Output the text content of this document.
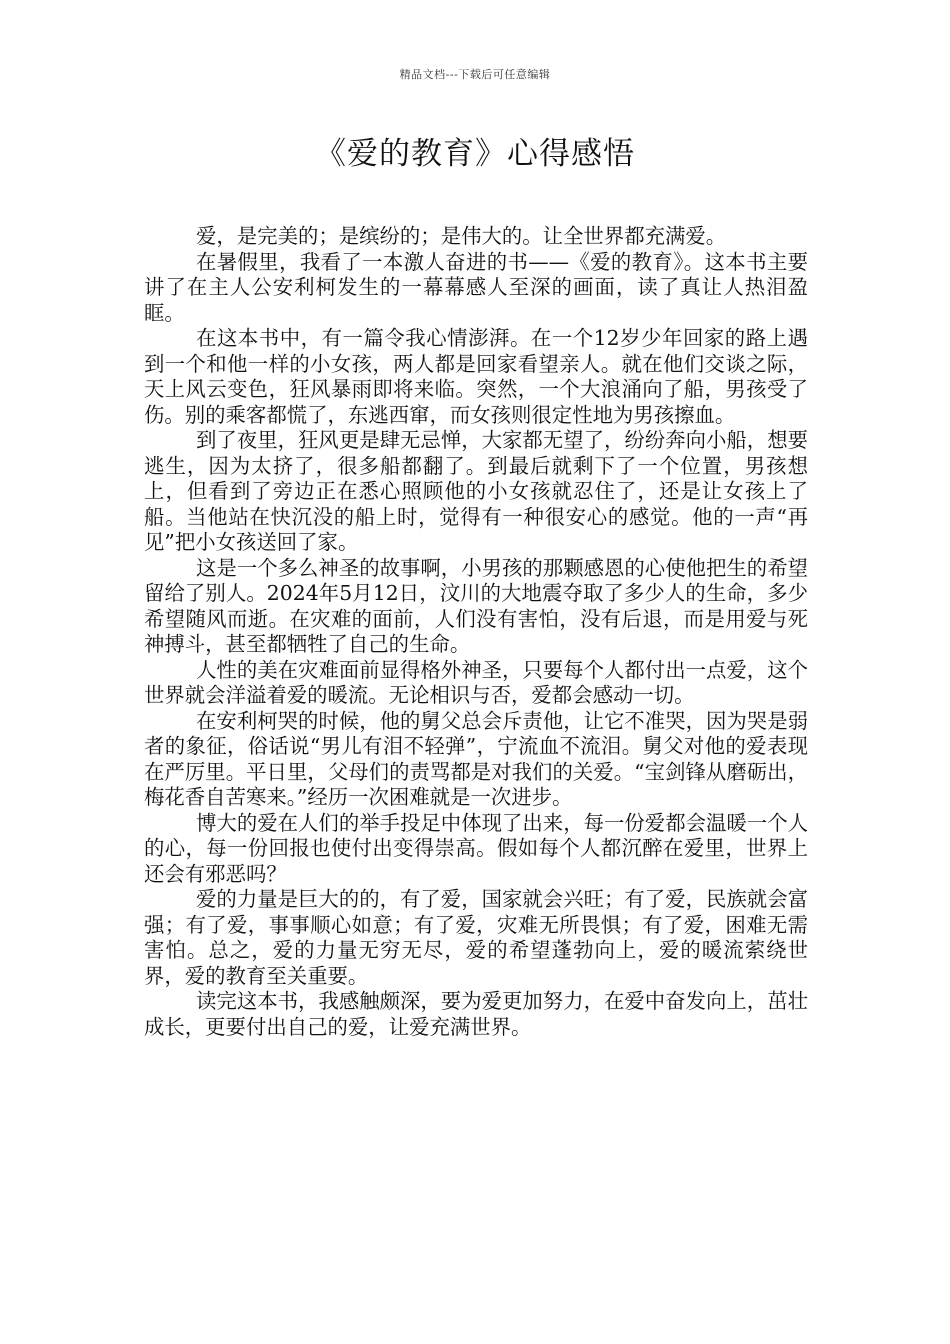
精品文档---下载后可任意编辑
《爱的教育》心得感悟

爱，是完美的；是缤纷的；是伟大的。让全世界都充满爱。

在暑假里，我看了一本激人奋进的书——《爱的教育》。这本书主要讲了在主人公安利柯发生的一幕幕感人至深的画面，读了真让人热泪盈眶。

在这本书中，有一篇令我心情澎湃。在一个12岁少年回家的路上遇到一个和他一样的小女孩，两人都是回家看望亲人。就在他们交谈之际，天上风云变色，狂风暴雨即将来临。突然，一个大浪涌向了船，男孩受了伤。别的乘客都慌了，东逃西窜，而女孩则很定性地为男孩擦血。

到了夜里，狂风更是肆无忌惮，大家都无望了，纷纷奔向小船，想要逃生，因为太挤了，很多船都翻了。到最后就剩下了一个位置，男孩想上，但看到了旁边正在悉心照顾他的小女孩就忍住了，还是让女孩上了船。当他站在快沉没的船上时，觉得有一种很安心的感觉。他的一声“再见”把小女孩送回了家。

这是一个多么神圣的故事啊，小男孩的那颗感恩的心使他把生的希望留给了别人。2024年5月12日，汶川的大地震夺取了多少人的生命，多少希望随风而逝。在灾难的面前，人们没有害怕，没有后退，而是用爱与死神搏斗，甚至都牺牲了自己的生命。

人性的美在灾难面前显得格外神圣，只要每个人都付出一点爱，这个世界就会洋溢着爱的暖流。无论相识与否，爱都会感动一切。

在安利柯哭的时候，他的舅父总会斥责他，让它不准哭，因为哭是弱者的象征，俗话说“男儿有泪不轻弹”，宁流血不流泪。舅父对他的爱表现在严厉里。平日里，父母们的责骂都是对我们的关爱。“宝剑锋从磨砺出，梅花香自苦寒来。”经历一次困难就是一次进步。

博大的爱在人们的举手投足中体现了出来，每一份爱都会温暖一个人的心，每一份回报也使付出变得崇高。假如每个人都沉醉在爱里，世界上还会有邪恶吗？

爱的力量是巨大的的，有了爱，国家就会兴旺；有了爱，民族就会富强；有了爱，事事顺心如意；有了爱，灾难无所畏惧；有了爱，困难无需害怕。总之，爱的力量无穷无尽，爱的希望蓬勃向上，爱的暖流萦绕世界，爱的教育至关重要。

读完这本书，我感触颇深，要为爱更加努力，在爱中奋发向上，茁壮成长，更要付出自己的爱，让爱充满世界。
